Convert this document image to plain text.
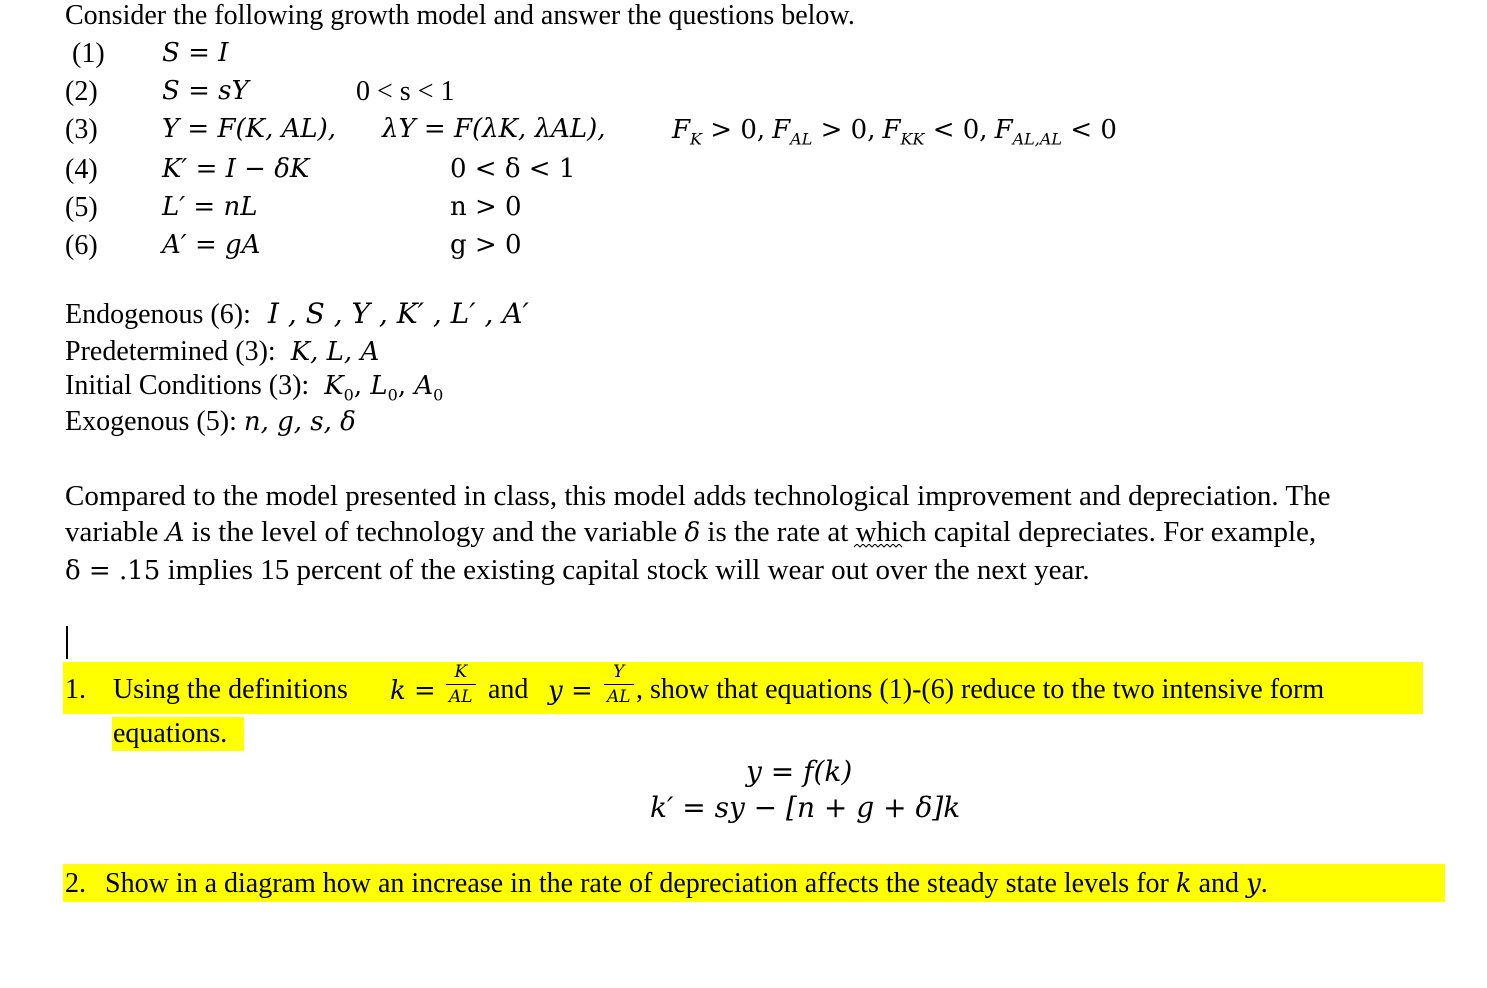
Consider the following growth model and answer the questions below.
(1)
(2)
(3)
(4)
(5)
(6)
S = I
S = sY
Y = F(K, AL), λY = F(λK, λAL),
K′ = I − δK
L′ = nL
A′ = gA
0 < s < 1
0 < δ < 1
n > 0
g > 0
$F_K > 0$, $F_{AL} > 0$, $F_{KK} < 0$, $F_{AL,AL} < 0$
Endogenous (6): I , S , Y , K′ , L′ , A′
Predetermined (3): K, L, A
Initial Conditions (3): $K_0$, $L_0$, $A_0$
Exogenous (5): n, g, s, δ
Compared to the model presented in class, this model adds technological improvement and depreciation. The
variable A is the level of technology and the variable δ is the rate at which capital depreciates. For example,
δ = .15 implies 15 percent of the existing capital stock will wear out over the next year.
1. Using the definitions k =
K
AL and y =
Y
AL , show that equations (1)-(6) reduce to the two intensive form
equations.
y = f(k)
k′ = sy − [n + g + δ]k
2. Show in a diagram how an increase in the rate of depreciation affects the steady state levels for k and y.
